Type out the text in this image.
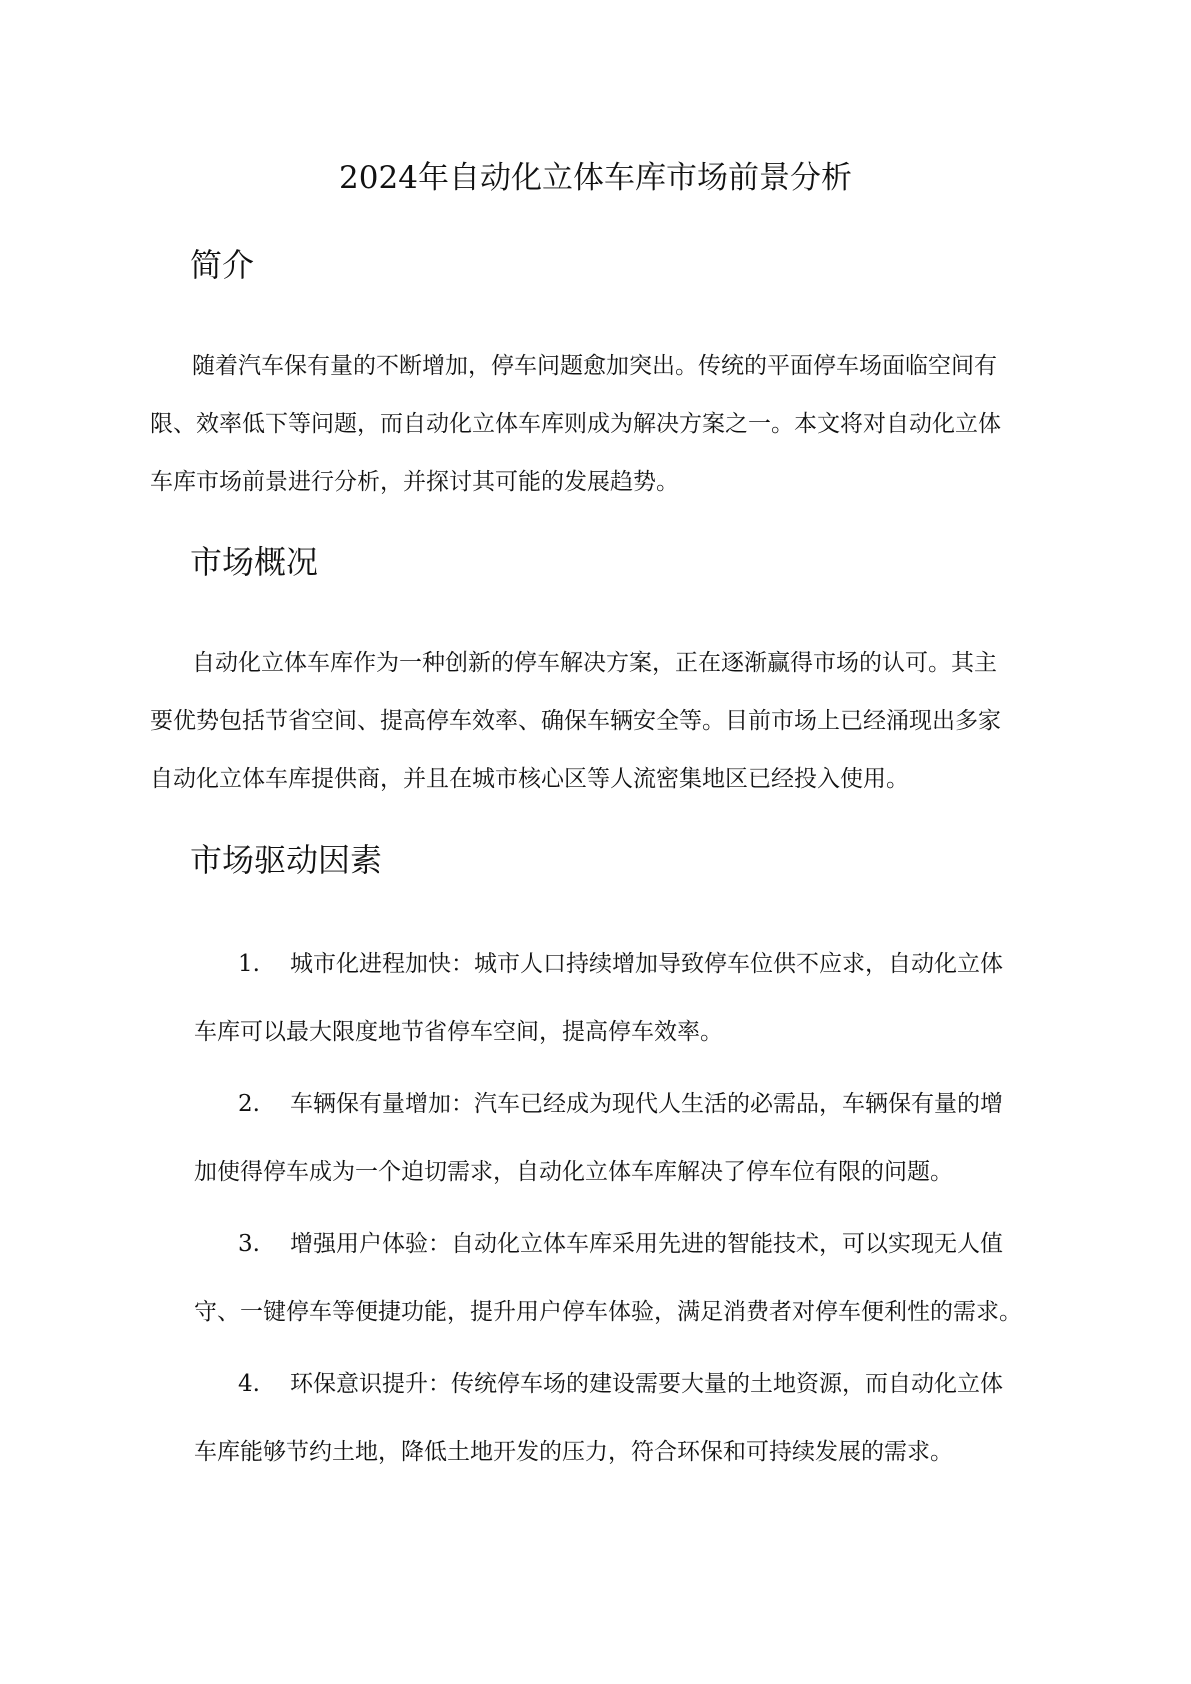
2024年自动化立体车库市场前景分析
简介

随着汽车保有量的不断增加，停车问题愈加突出。传统的平面停车场面临空间有
限、效率低下等问题，而自动化立体车库则成为解决方案之一。本文将对自动化立体
车库市场前景进行分析，并探讨其可能的发展趋势。

市场概况

自动化立体车库作为一种创新的停车解决方案，正在逐渐赢得市场的认可。其主
要优势包括节省空间、提高停车效率、确保车辆安全等。目前市场上已经涌现出多家
自动化立体车库提供商，并且在城市核心区等人流密集地区已经投入使用。

市场驱动因素
1. 城市化进程加快：城市人口持续增加导致停车位供不应求，自动化立体
车库可以最大限度地节省停车空间，提高停车效率。
2. 车辆保有量增加：汽车已经成为现代人生活的必需品，车辆保有量的增
加使得停车成为一个迫切需求，自动化立体车库解决了停车位有限的问题。
3. 增强用户体验：自动化立体车库采用先进的智能技术，可以实现无人值
守、一键停车等便捷功能，提升用户停车体验，满足消费者对停车便利性的需求。
4. 环保意识提升：传统停车场的建设需要大量的土地资源，而自动化立体
车库能够节约土地，降低土地开发的压力，符合环保和可持续发展的需求。
